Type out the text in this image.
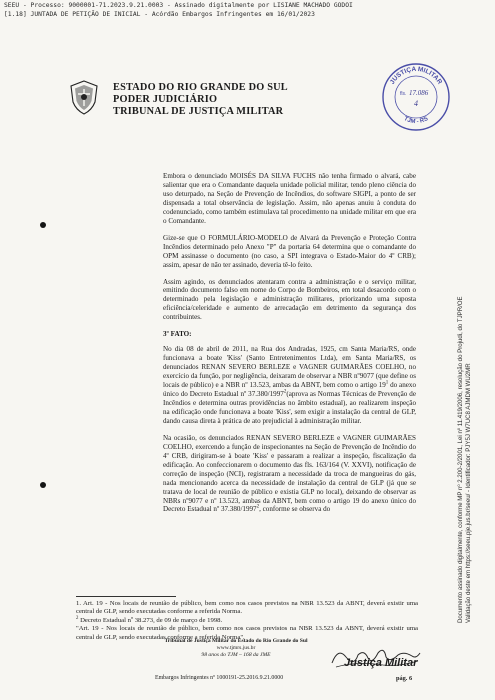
SEEU - Processo: 9000001-71.2023.9.21.0003 - Assinado digitalmente por LISIANE MACHADO GODOI
[1.18] JUNTADA DE PETIÇÃO DE INICIAL - Acórdão Embargos Infringentes em 16/01/2023
ESTADO DO RIO GRANDE DO SUL
PODER JUDICIÁRIO
TRIBUNAL DE JUSTIÇA MILITAR
JUSTIÇA MILITAR
TJM - RS
fls. 17.086
4
Documento assinado digitalmente, conforme MP nº 2.200-2/2001, Lei nº 11.419/2006, resolução do Projudi, do TJPR/OE Validação deste em https://seeu.pje.jus.br/seeu/ - Identificador: PJY5J W7UC8 AJMDM WU2MR

Embora o denunciado MOISÉS DA SILVA FUCHS não tenha firmado o alvará, cabe salientar que era o Comandante daquela unidade policial militar, tendo pleno ciência do uso deturpado, na Seção de Prevenção de Incêndios, do software SIGPI, a ponto de ser dispensada a total observância de legislação. Assim, não apenas anuiu à conduta do codenunciado, como também estimulava tal procedimento na unidade militar em que era o Comandante.

Gize-se que O FORMULÁRIO-MODELO de Alvará da Prevenção e Proteção Contra Incêndios determinado pelo Anexo "P" da portaria 64 determina que o comandante do OPM assinasse o documento (no caso, a SPI integrava o Estado-Maior do 4º CRB); assim, apesar de não ter assinado, deveria tê-lo feito.

Assim agindo, os denunciados atentaram contra a administração e o serviço militar, emitindo documento falso em nome do Corpo de Bombeiros, em total desacordo com o determinado pela legislação e administração militares, priorizando uma suposta eficiência/celeridade e aumento de arrecadação em detrimento da segurança dos contribuintes.

3º FATO:

No dia 08 de abril de 2011, na Rua dos Andradas, 1925, cm Santa Maria/RS, onde funcionava a boate 'Kiss' (Santo Entretenimentos Ltda), em Santa Maria/RS, os denunciados RENAN SEVERO BERLEZE e VAGNER GUIMARÃES COELHO, no exercício da função, por negligência, deixaram de observar a NBR nº9077 (que define os locais de público) e a NBR nº 13.523, ambas da ABNT, bem como o artigo $19^1$ do anexo único do Decreto Estadual nº 37.380/1997$^2$(aprova as Normas Técnicas de Prevenção de Incêndios e determina outras providências no âmbito estadual), ao realizarem inspeção na edificação onde funcionava a boate 'Kiss', sem exigir a instalação da central de GLP, dando causa direta à prática de ato prejudicial à administração militar.

Na ocasião, os denunciados RENAN SEVERO BERLEZE e VAGNER GUIMARÃES COELHO, exercendo a função de inspecionantes na Seção de Prevenção de Incêndio do 4º CRB, dirigiram-se à boate 'Kiss' e passaram a realizar a inspeção, fiscalização da edificação. Ao confeccionarem o documento das fls. 163/164 (V. XXVI), notificação de correção de inspeção (NCI), registraram a necessidade da troca de mangueiras do gás, nada mencionando acerca da necessidade de instalação da central de GLP (já que se tratava de local de reunião de público e existia GLP no local), deixando de observar as NBRs nº9077 e nº 13.523, ambas da ABNT, bem como o artigo 19 do anexo único do Decreto Estadual nº 37.380/1997$^2$, conforme se observa do

1. Art. 19 - Nos locais de reunião de público, bem como nos casos previstos na NBR 13.523 da ABNT, deverá existir uma central de GLP, sendo executadas conforme a referida Norma.
$^2$ Decreto Estadual nº 38.273, de 09 de março de 1998.
"Art. 19 - Nos locais de reunião de público, bem como nos casos previstos na NBR 13.523 da ABNT, deverá existir uma central de GLP, sendo executadas conforme a referida Norma".
Tribunal de Justiça Militar do Estado do Rio Grande do Sul
www.tjmrs.jus.br
98 anos do TJM – 168 da JME
Justiça Militar
Embargos Infringentes nº 1000191-25.2016.9.21.0000	pág. 6
